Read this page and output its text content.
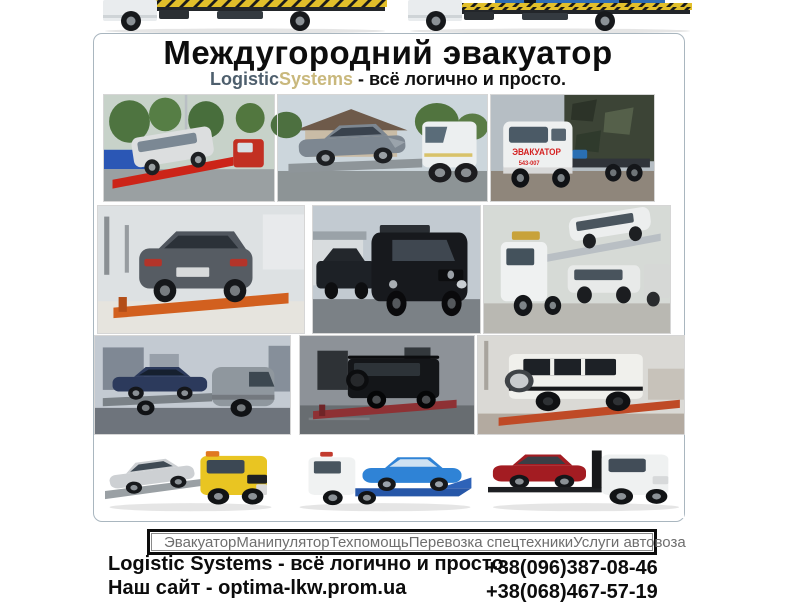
Междугородний эвакуатор

LogisticSystems - всё логично и просто.

ЭВАКУАТОР
543-007
Эвакуатор Манипулятор Техпомощь Перевозка спецтехники Услуги автовоза
Logistic Systems - всё логично и просто.
Наш сайт - optima-lkw.prom.ua
+38(096)387-08-46
+38(068)467-57-19
